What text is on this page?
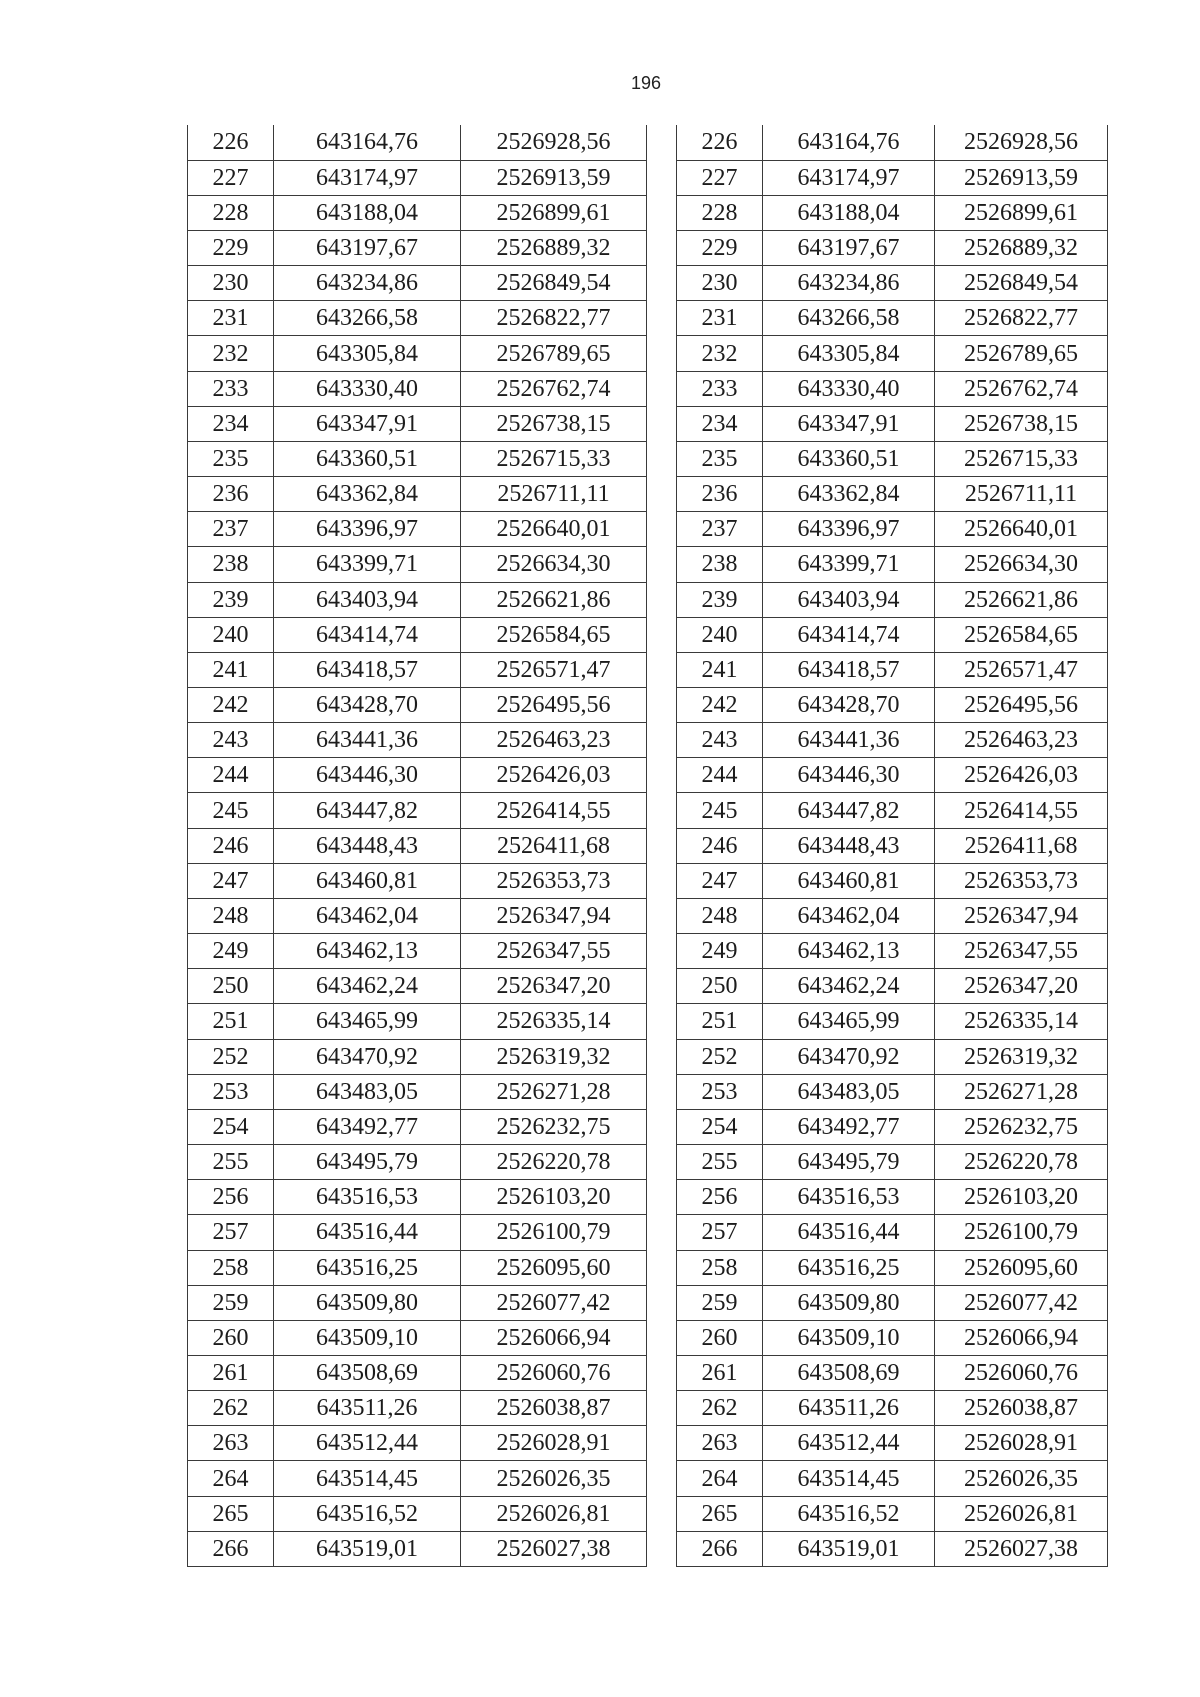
196
226	643164,76	2526928,56
227	643174,97	2526913,59
228	643188,04	2526899,61
229	643197,67	2526889,32
230	643234,86	2526849,54
231	643266,58	2526822,77
232	643305,84	2526789,65
233	643330,40	2526762,74
234	643347,91	2526738,15
235	643360,51	2526715,33
236	643362,84	2526711,11
237	643396,97	2526640,01
238	643399,71	2526634,30
239	643403,94	2526621,86
240	643414,74	2526584,65
241	643418,57	2526571,47
242	643428,70	2526495,56
243	643441,36	2526463,23
244	643446,30	2526426,03
245	643447,82	2526414,55
246	643448,43	2526411,68
247	643460,81	2526353,73
248	643462,04	2526347,94
249	643462,13	2526347,55
250	643462,24	2526347,20
251	643465,99	2526335,14
252	643470,92	2526319,32
253	643483,05	2526271,28
254	643492,77	2526232,75
255	643495,79	2526220,78
256	643516,53	2526103,20
257	643516,44	2526100,79
258	643516,25	2526095,60
259	643509,80	2526077,42
260	643509,10	2526066,94
261	643508,69	2526060,76
262	643511,26	2526038,87
263	643512,44	2526028,91
264	643514,45	2526026,35
265	643516,52	2526026,81
266	643519,01	2526027,38
226	643164,76	2526928,56
227	643174,97	2526913,59
228	643188,04	2526899,61
229	643197,67	2526889,32
230	643234,86	2526849,54
231	643266,58	2526822,77
232	643305,84	2526789,65
233	643330,40	2526762,74
234	643347,91	2526738,15
235	643360,51	2526715,33
236	643362,84	2526711,11
237	643396,97	2526640,01
238	643399,71	2526634,30
239	643403,94	2526621,86
240	643414,74	2526584,65
241	643418,57	2526571,47
242	643428,70	2526495,56
243	643441,36	2526463,23
244	643446,30	2526426,03
245	643447,82	2526414,55
246	643448,43	2526411,68
247	643460,81	2526353,73
248	643462,04	2526347,94
249	643462,13	2526347,55
250	643462,24	2526347,20
251	643465,99	2526335,14
252	643470,92	2526319,32
253	643483,05	2526271,28
254	643492,77	2526232,75
255	643495,79	2526220,78
256	643516,53	2526103,20
257	643516,44	2526100,79
258	643516,25	2526095,60
259	643509,80	2526077,42
260	643509,10	2526066,94
261	643508,69	2526060,76
262	643511,26	2526038,87
263	643512,44	2526028,91
264	643514,45	2526026,35
265	643516,52	2526026,81
266	643519,01	2526027,38
